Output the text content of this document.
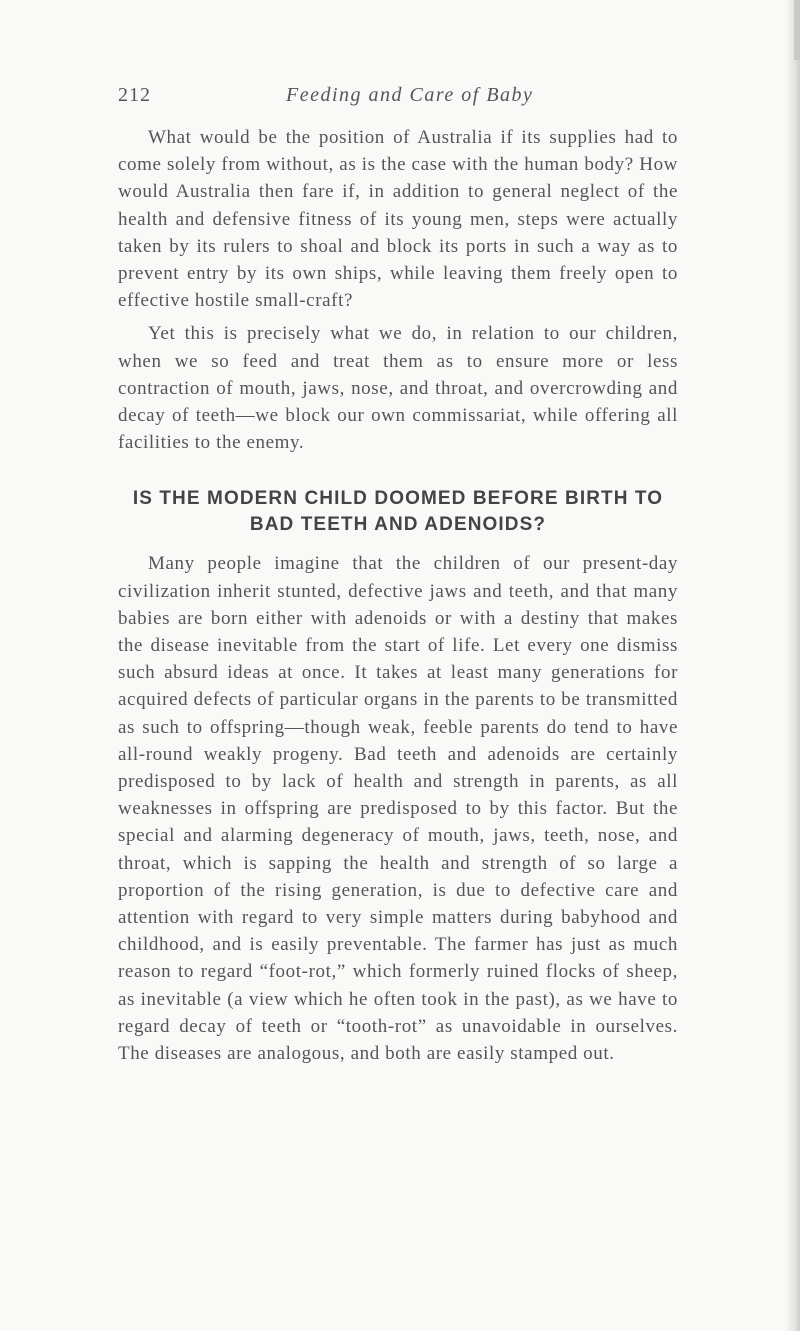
212	Feeding and Care of Baby

What would be the position of Australia if its supplies had to come solely from without, as is the case with the human body? How would Australia then fare if, in addition to general neglect of the health and defensive fitness of its young men, steps were actually taken by its rulers to shoal and block its ports in such a way as to prevent entry by its own ships, while leaving them freely open to effective hostile small-craft?

Yet this is precisely what we do, in relation to our children, when we so feed and treat them as to ensure more or less contraction of mouth, jaws, nose, and throat, and overcrowding and decay of teeth—we block our own commissariat, while offering all facilities to the enemy.

IS THE MODERN CHILD DOOMED BEFORE BIRTH TO BAD TEETH AND ADENOIDS?

Many people imagine that the children of our present-day civilization inherit stunted, defective jaws and teeth, and that many babies are born either with adenoids or with a destiny that makes the disease inevitable from the start of life. Let every one dismiss such absurd ideas at once. It takes at least many generations for acquired defects of particular organs in the parents to be transmitted as such to offspring—though weak, feeble parents do tend to have all-round weakly progeny. Bad teeth and adenoids are certainly predisposed to by lack of health and strength in parents, as all weaknesses in offspring are predisposed to by this factor. But the special and alarming degeneracy of mouth, jaws, teeth, nose, and throat, which is sapping the health and strength of so large a proportion of the rising generation, is due to defective care and attention with regard to very simple matters during babyhood and childhood, and is easily preventable. The farmer has just as much reason to regard “foot-rot,” which formerly ruined flocks of sheep, as inevitable (a view which he often took in the past), as we have to regard decay of teeth or “tooth-rot” as unavoidable in ourselves. The diseases are analogous, and both are easily stamped out.
